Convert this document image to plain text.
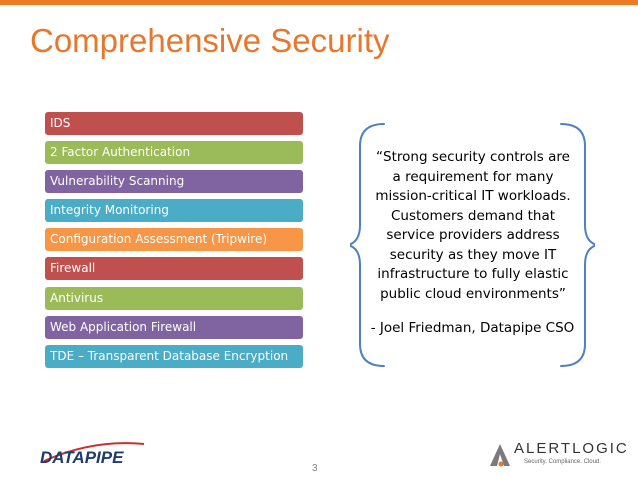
Comprehensive Security
IDS
2 Factor Authentication
Vulnerability Scanning
Integrity Monitoring
Configuration Assessment (Tripwire)
Firewall
Antivirus
Web Application Firewall
TDE – Transparent Database Encryption

“Strong security controls are a requirement for many mission-critical IT workloads. Customers demand that service providers address security as they move IT infrastructure to fully elastic public cloud environments”

- Joel Friedman, Datapipe CSO

DATAPIPE	ALERTLOGIC
Security. Compliance. Cloud.
3
